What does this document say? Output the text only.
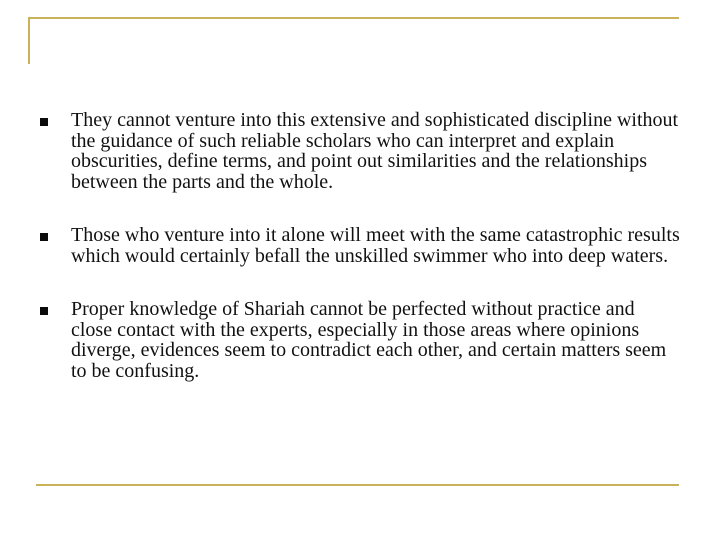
They cannot venture into this extensive and sophisticated discipline without the guidance of such reliable scholars who can interpret and explain obscurities, define terms, and point out similarities and the relationships between the parts and the whole.

Those who venture into it alone will meet with the same catastrophic results which would certainly befall the unskilled swimmer who into deep waters.

Proper knowledge of Shariah cannot be perfected without practice and close contact with the experts, especially in those areas where opinions diverge, evidences seem to contradict each other, and certain matters seem to be confusing.
